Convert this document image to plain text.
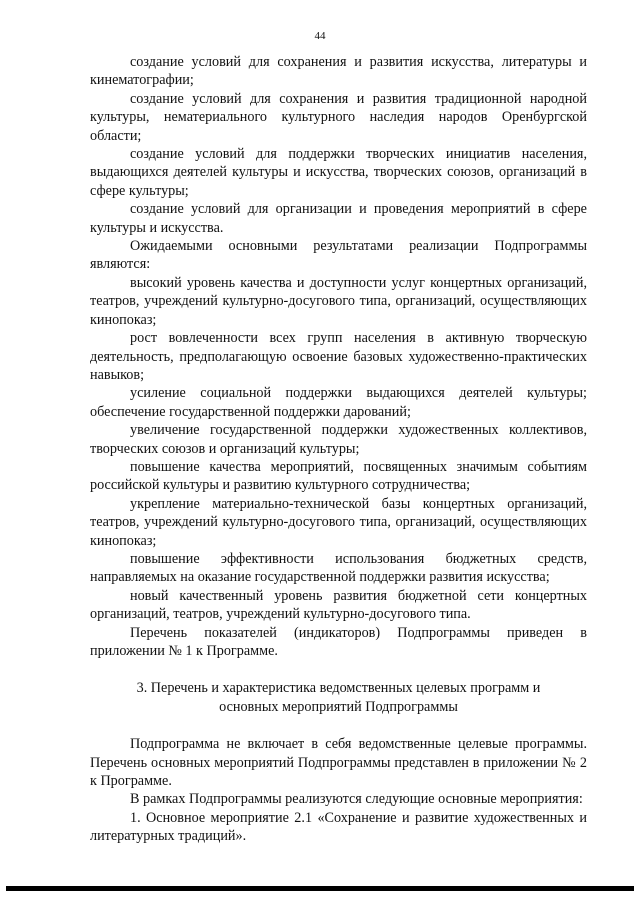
44

создание условий для сохранения и развития искусства, литературы и кинематографии;

создание условий для сохранения и развития традиционной народной культуры, нематериального культурного наследия народов Оренбургской области;

создание условий для поддержки творческих инициатив населения, выдающихся деятелей культуры и искусства, творческих союзов, организаций в сфере культуры;

создание условий для организации и проведения мероприятий в сфере культуры и искусства.

Ожидаемыми основными результатами реализации Подпрограммы являются:

высокий уровень качества и доступности услуг концертных организаций, театров, учреждений культурно-досугового типа, организаций, осуществляющих кинопоказ;

рост вовлеченности всех групп населения в активную творческую деятельность, предполагающую освоение базовых художественно-практических навыков;

усиление социальной поддержки выдающихся деятелей культуры; обеспечение государственной поддержки дарований;

увеличение государственной поддержки художественных коллективов, творческих союзов и организаций культуры;

повышение качества мероприятий, посвященных значимым событиям российской культуры и развитию культурного сотрудничества;

укрепление материально-технической базы концертных организаций, театров, учреждений культурно-досугового типа, организаций, осуществляющих кинопоказ;

повышение эффективности использования бюджетных средств, направляемых на оказание государственной поддержки развития искусства;

новый качественный уровень развития бюджетной сети концертных организаций, театров, учреждений культурно-досугового типа.

Перечень показателей (индикаторов) Подпрограммы приведен в приложении № 1 к Программе.

3. Перечень и характеристика ведомственных целевых программ и
основных мероприятий Подпрограммы

Подпрограмма не включает в себя ведомственные целевые программы. Перечень основных мероприятий Подпрограммы представлен в приложении № 2 к Программе.

В рамках Подпрограммы реализуются следующие основные мероприятия:

1. Основное мероприятие 2.1 «Сохранение и развитие художественных и литературных традиций».
